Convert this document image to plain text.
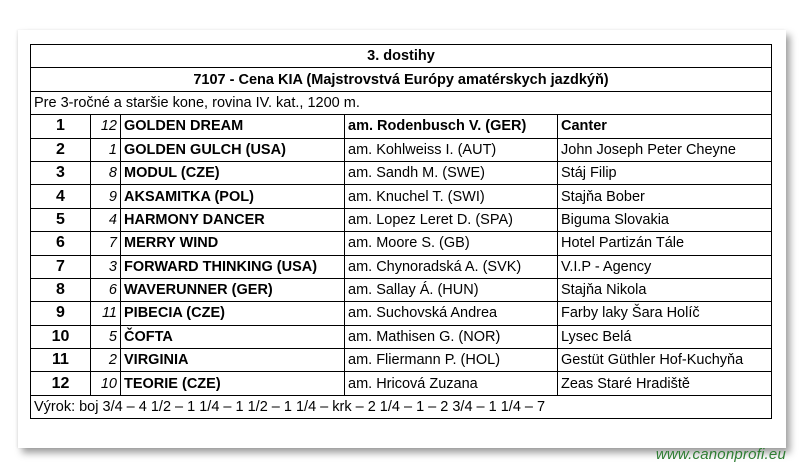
3. dostihy				
7107 - Cena KIA (Majstrovstvá Európy amatérskych jazdkýň)				
Pre 3-ročné a staršie kone, rovina IV. kat., 1200 m.				
1	12	GOLDEN DREAM	am. Rodenbusch V. (GER)	Canter
2	1	GOLDEN GULCH (USA)	am. Kohlweiss I. (AUT)	John Joseph Peter Cheyne
3	8	MODUL (CZE)	am. Sandh M. (SWE)	Stáj Filip
4	9	AKSAMITKA (POL)	am. Knuchel T. (SWI)	Stajňa Bober
5	4	HARMONY DANCER	am. Lopez Leret D. (SPA)	Biguma Slovakia
6	7	MERRY WIND	am. Moore S. (GB)	Hotel Partizán Tále
7	3	FORWARD THINKING (USA)	am. Chynoradská A. (SVK)	V.I.P - Agency
8	6	WAVERUNNER (GER)	am. Sallay Á. (HUN)	Stajňa Nikola
9	11	PIBECIA (CZE)	am. Suchovská Andrea	Farby laky Šara Holíč
10	5	ČOFTA	am. Mathisen G. (NOR)	Lysec Belá
11	2	VIRGINIA	am. Fliermann P. (HOL)	Gestüt Güthler Hof-Kuchyňa
12	10	TEORIE (CZE)	am. Hricová Zuzana	Zeas Staré Hradiště
Výrok: boj 3/4 – 4 1/2 – 1 1/4 – 1 1/2 – 1 1/4 – krk – 2 1/4 – 1 – 2 3/4 – 1 1/4 – 7				
www.canonprofi.eu
